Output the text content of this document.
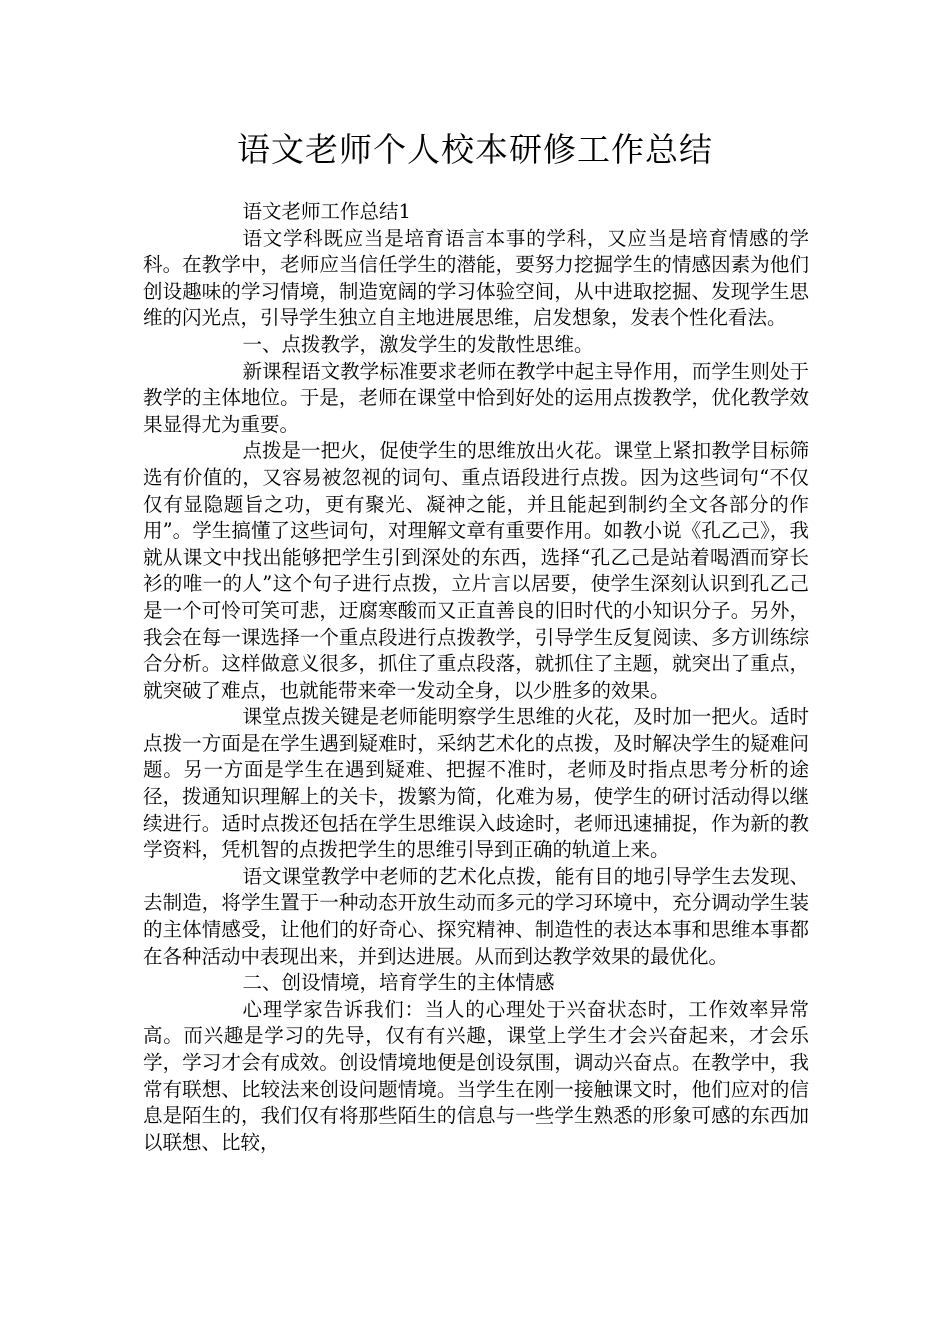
语文老师个人校本研修工作总结

语文老师工作总结1

语文学科既应当是培育语言本事的学科，又应当是培育情感的学科。在教学中，老师应当信任学生的潜能，要努力挖掘学生的情感因素为他们创设趣味的学习情境，制造宽阔的学习体验空间，从中进取挖掘、发现学生思维的闪光点，引导学生独立自主地进展思维，启发想象，发表个性化看法。

一、点拨教学，激发学生的发散性思维。

新课程语文教学标准要求老师在教学中起主导作用，而学生则处于教学的主体地位。于是，老师在课堂中恰到好处的运用点拨教学，优化教学效果显得尤为重要。

点拨是一把火，促使学生的思维放出火花。课堂上紧扣教学目标筛选有价值的，又容易被忽视的词句、重点语段进行点拨。因为这些词句“不仅仅有显隐题旨之功，更有聚光、凝神之能，并且能起到制约全文各部分的作用”。学生搞懂了这些词句，对理解文章有重要作用。如教小说《孔乙己》，我就从课文中找出能够把学生引到深处的东西，选择“孔乙己是站着喝酒而穿长衫的唯一的人”这个句子进行点拨，立片言以居要，使学生深刻认识到孔乙己是一个可怜可笑可悲，迂腐寒酸而又正直善良的旧时代的小知识分子。另外，我会在每一课选择一个重点段进行点拨教学，引导学生反复阅读、多方训练综合分析。这样做意义很多，抓住了重点段落，就抓住了主题，就突出了重点，就突破了难点，也就能带来牵一发动全身，以少胜多的效果。

课堂点拨关键是老师能明察学生思维的火花，及时加一把火。适时点拨一方面是在学生遇到疑难时，采纳艺术化的点拨，及时解决学生的疑难问题。另一方面是学生在遇到疑难、把握不准时，老师及时指点思考分析的途径，拨通知识理解上的关卡，拨繁为简，化难为易，使学生的研讨活动得以继续进行。适时点拨还包括在学生思维误入歧途时，老师迅速捕捉，作为新的教学资料，凭机智的点拨把学生的思维引导到正确的轨道上来。

语文课堂教学中老师的艺术化点拨，能有目的地引导学生去发现、去制造，将学生置于一种动态开放生动而多元的学习环境中，充分调动学生装的主体情感受，让他们的好奇心、探究精神、制造性的表达本事和思维本事都在各种活动中表现出来，并到达进展。从而到达教学效果的最优化。

二、创设情境，培育学生的主体情感

心理学家告诉我们：当人的心理处于兴奋状态时，工作效率异常高。而兴趣是学习的先导，仅有有兴趣，课堂上学生才会兴奋起来，才会乐学，学习才会有成效。创设情境地便是创设氛围，调动兴奋点。在教学中，我常有联想、比较法来创设问题情境。当学生在刚一接触课文时，他们应对的信息是陌生的，我们仅有将那些陌生的信息与一些学生熟悉的形象可感的东西加以联想、比较，
